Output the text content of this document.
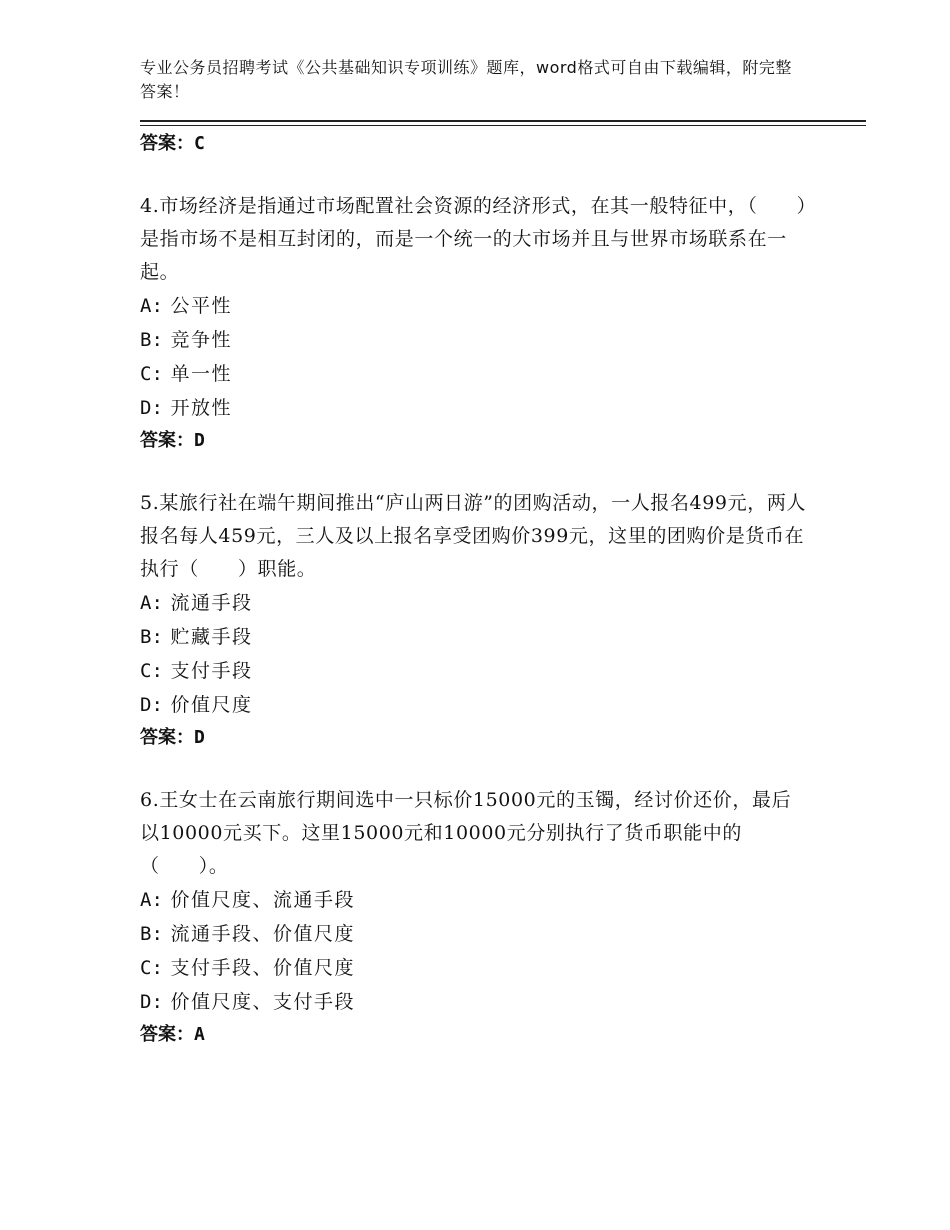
专业公务员招聘考试《公共基础知识专项训练》题库，word格式可自由下载编辑，附完整答案！
答案：C
4.市场经济是指通过市场配置社会资源的经济形式，在其一般特征中，（　　）是指市场不是相互封闭的，而是一个统一的大市场并且与世界市场联系在一起。
A: 公平性
B: 竞争性
C: 单一性
D: 开放性
答案：D
5.某旅行社在端午期间推出“庐山两日游”的团购活动，一人报名499元，两人报名每人459元，三人及以上报名享受团购价399元，这里的团购价是货币在执行（　　）职能。
A: 流通手段
B: 贮藏手段
C: 支付手段
D: 价值尺度
答案：D
6.王女士在云南旅行期间选中一只标价15000元的玉镯，经讨价还价，最后以10000元买下。这里15000元和10000元分别执行了货币职能中的（　　）。
A: 价值尺度、流通手段
B: 流通手段、价值尺度
C: 支付手段、价值尺度
D: 价值尺度、支付手段
答案：A
